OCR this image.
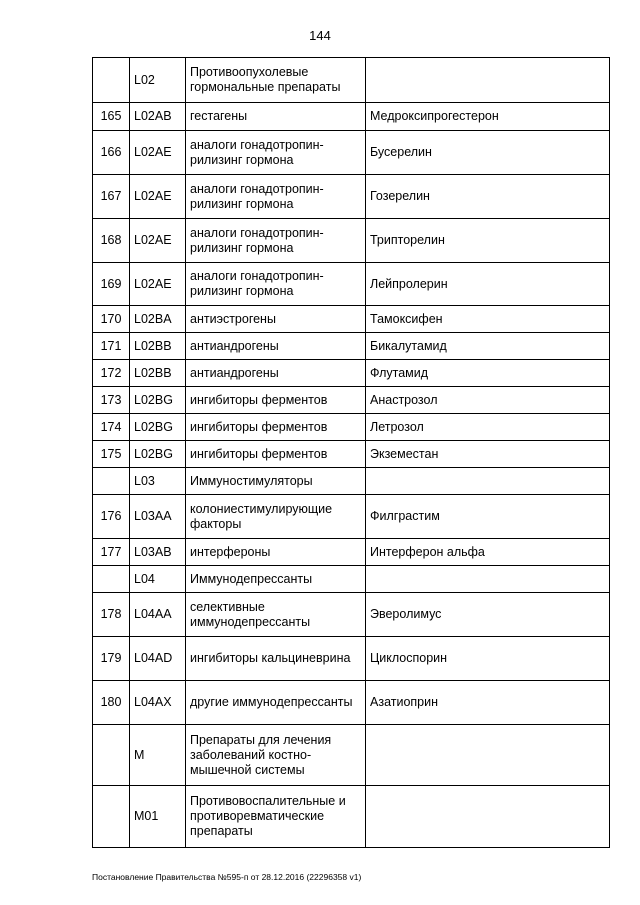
144
	L02	Противоопухолевые гормональные препараты	
165	L02AB	гестагены	Медроксипрогестерон
166	L02AE	аналоги гонадотропин-рилизинг гормона	Бусерелин
167	L02AE	аналоги гонадотропин-рилизинг гормона	Гозерелин
168	L02AE	аналоги гонадотропин-рилизинг гормона	Трипторелин
169	L02AE	аналоги гонадотропин-рилизинг гормона	Лейпролерин
170	L02BA	антиэстрогены	Тамоксифен
171	L02BB	антиандрогены	Бикалутамид
172	L02BB	антиандрогены	Флутамид
173	L02BG	ингибиторы ферментов	Анастрозол
174	L02BG	ингибиторы ферментов	Летрозол
175	L02BG	ингибиторы ферментов	Экземестан
	L03	Иммуностимуляторы	
176	L03AA	колониестимулирующие факторы	Филграстим
177	L03AB	интерфероны	Интерферон альфа
	L04	Иммунодепрессанты	
178	L04AA	селективные иммунодепрессанты	Эверолимус
179	L04AD	ингибиторы кальциневрина	Циклоспорин
180	L04AX	другие иммунодепрессанты	Азатиоприн
	M	Препараты для лечения заболеваний костно-мышечной системы	
	M01	Противовоспалительные и противоревматические препараты	
Постановление Правительства №595-п от 28.12.2016 (22296358 v1)
